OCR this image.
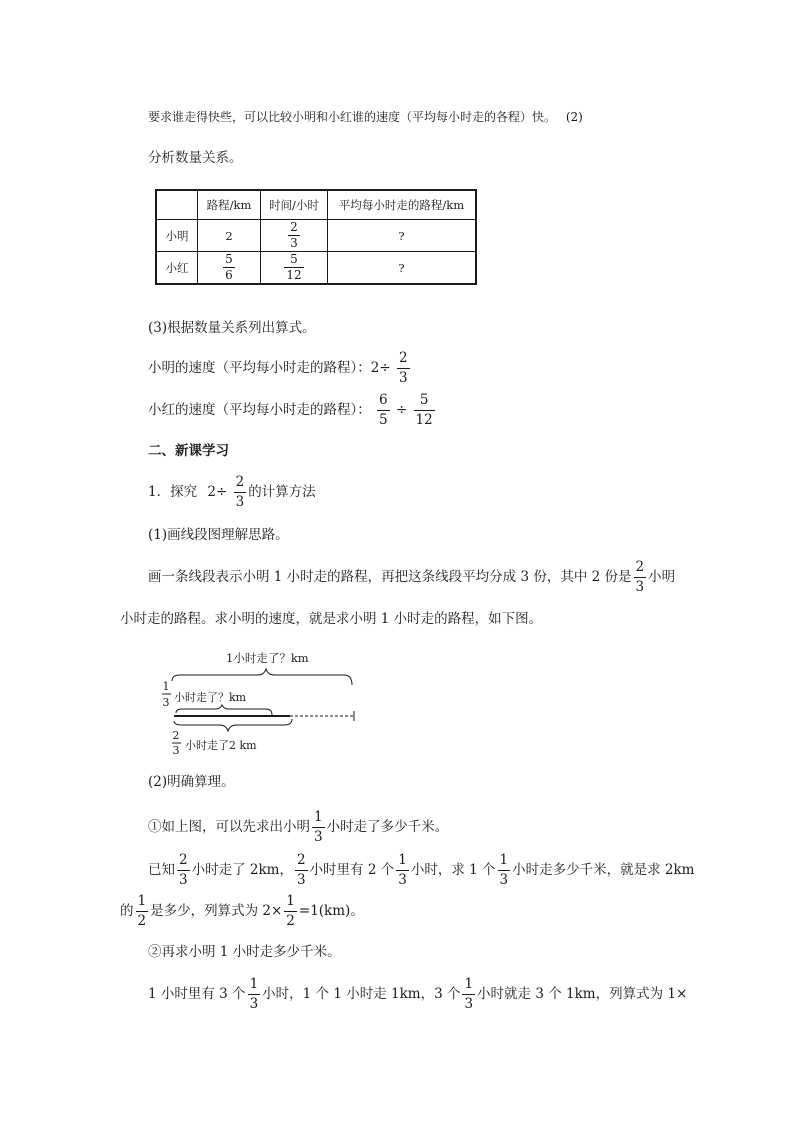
要求谁走得快些，可以比较小明和小红谁的速度（平均每小时走的各程）快。 (2)
分析数量关系。
	路程/km	时间/小时	平均每小时走的路程/km
小明	2	$\frac{2}{3}$	?
小红	$\frac{5}{6}$	$\frac{5}{12}$	?
(3)根据数量关系列出算式。
小明的速度（平均每小时走的路程）：$2\div \frac{2}{3}$
小红的速度（平均每小时走的路程）： $\frac{6}{5} \div \frac{5}{12}$
二、新课学习
1．探究 $2\div \frac{2}{3}$ 的计算方法
(1)画线段图理解思路。
画一条线段表示小明 1 小时走的路程，再把这条线段平均分成 3 份，其中 2 份是 $\frac{2}{3}$ 小明
小时走的路程。求小明的速度，就是求小明 1 小时走的路程，如下图。
1小时走了？km
1
3 小时走了？km
2
3 小时走了2 km
(2)明确算理。
①如上图，可以先求出小明 $\frac{1}{3}$ 小时走了多少千米。
已知 $\frac{2}{3}$ 小时走了 2km， $\frac{2}{3}$ 小时里有 2 个 $\frac{1}{3}$ 小时，求 1 个 $\frac{1}{3}$ 小时走多少千米，就是求 2km
的 $\frac{1}{2}$ 是多少，列算式为 $2\times \frac{1}{2} =1(km)$。
②再求小明 1 小时走多少千米。
1 小时里有 3 个 $\frac{1}{3}$ 小时，1 个 1 小时走 1km，3 个 $\frac{1}{3}$ 小时就走 3 个 1km，列算式为 1×
